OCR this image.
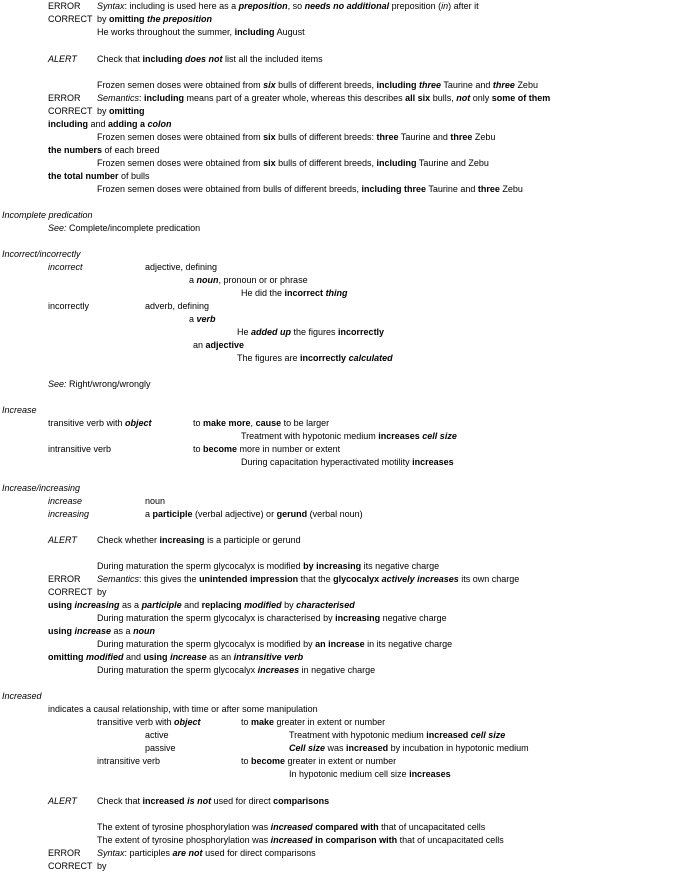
ERROR Syntax: including is used here as a preposition, so needs no additional preposition (in) after it
CORRECT by omitting the preposition
He works throughout the summer, including August
ALERT Check that including does not list all the included items
Frozen semen doses were obtained from six bulls of different breeds, including three Taurine and three Zebu
ERROR Semantics: including means part of a greater whole, whereas this describes all six bulls, not only some of them
CORRECT by omitting
including and adding a colon
Frozen semen doses were obtained from six bulls of different breeds: three Taurine and three Zebu
the numbers of each breed
Frozen semen doses were obtained from six bulls of different breeds, including Taurine and Zebu
the total number of bulls
Frozen semen doses were obtained from bulls of different breeds, including three Taurine and three Zebu
Incomplete predication
See: Complete/incomplete predication
Incorrect/incorrectly
incorrect	adjective, defining
a noun, pronoun or or phrase
He did the incorrect thing
incorrectly	adverb, defining
a verb
He added up the figures incorrectly
an adjective
The figures are incorrectly calculated
See: Right/wrong/wrongly
Increase
transitive verb with object	to make more, cause to be larger
Treatment with hypotonic medium increases cell size
intransitive verb	to become more in number or extent
During capacitation hyperactivated motility increases
Increase/increasing
increase	noun
increasing	a participle (verbal adjective) or gerund (verbal noun)
ALERT Check whether increasing is a participle or gerund
During maturation the sperm glycocalyx is modified by increasing its negative charge
ERROR Semantics: this gives the unintended impression that the glycocalyx actively increases its own charge
CORRECT by
using increasing as a participle and replacing modified by characterised
During maturation the sperm glycocalyx is characterised by increasing negative charge
using increase as a noun
During maturation the sperm glycocalyx is modified by an increase in its negative charge
omitting modified and using increase as an intransitive verb
During maturation the sperm glycocalyx increases in negative charge
Increased
indicates a causal relationship, with time or after some manipulation
transitive verb with object	to make greater in extent or number
active	Treatment with hypotonic medium increased cell size
passive	Cell size was increased by incubation in hypotonic medium
intransitive verb	to become greater in extent or number
In hypotonic medium cell size increases
ALERT Check that increased is not used for direct comparisons
The extent of tyrosine phosphorylation was increased compared with that of uncapacitated cells
The extent of tyrosine phosphorylation was increased in comparison with that of uncapacitated cells
ERROR Syntax: participles are not used for direct comparisons
CORRECT by
